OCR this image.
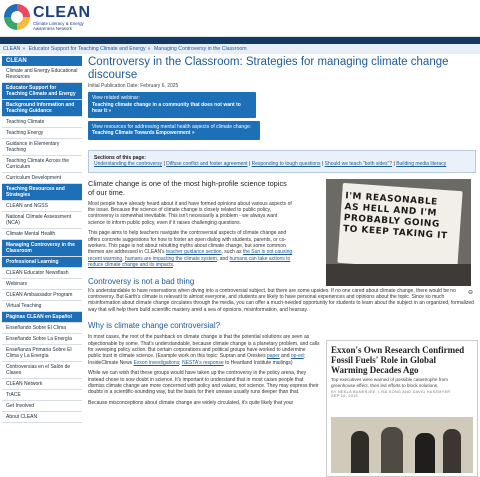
CLEAN
Climate Literacy & Energy Awareness Network
CLEAN » Educator Support for Teaching Climate and Energy » Managing Controversy in the Classroom
CLEAN
Climate and Energy Educational Resources
Educator Support for Teaching Climate and Energy
Background Information and Teaching Guidance
Teaching Climate
Teaching Energy
Guidance in Elementary Teaching
Teaching Climate Across the Curriculum
Curriculum Development
Teaching Resources and Strategies
CLEAN and NGSS
National Climate Assessment (NCA)
Climate Mental Health
Managing Controversy in the Classroom
Professional Learning
CLEAN Educator Newsflash
Webinars
CLEAN Ambassador Program
Virtual Teaching
Páginas CLEAN en Español
Enseñando Sobre El Clima
Enseñando Sobre La Energía
Enseñanza Primaria Sobre El Clima y La Energía
Controversias en el Salón de Clases
CLEAN Network
TrACE
Get Involved
About CLEAN
Controversy in the Classroom: Strategies for managing climate change discourse
Initial Publication Date: February 6, 2025
View related webinar:
Teaching climate change in a community that does not want to hear it »
View resources for addressing mental health aspects of climate change:
Teaching Climate Towards Empowerment »
Sections of this page:
Understanding the controversy | Diffuse conflict and foster agreement | Responding to tough questions | Should we teach "both sides"? | Building media literacy
Climate change is one of the most high-profile science topics of our time.
Most people have already heard about it and have formed opinions about various aspects of the issue. Because the science of climate change is closely related to public policy, controversy is somewhat inevitable. This isn't necessarily a problem - we always want science to inform public policy, even if it raises challenging questions.
This page aims to help teachers navigate the controversial aspects of climate change and offers concrete suggestions for how to foster an open dialog with students, parents, or co-workers. This page is not about rebutting myths about climate change, but some common themes are addressed in CLEAN's teacher guidance section, such as the Sun is not causing recent warming, humans are impacting the climate system, and humans can take actions to reduce climate change and its impacts.
I'M REASONABLE AS HELL AND I'M PROBABLY GOING TO KEEP TAKING IT
⊖
Controversy is not a bad thing
It's understandable to have reservations when diving into a controversial subject, but there are some upsides. If no one cared about climate change, there would be no controversy. But Earth's climate is relevant to almost everyone, and students are likely to have personal experiences and opinions about the topic. Since so much misinformation about climate change circulates through the media, you can offer a much-needed opportunity for students to learn about the subject in an organized, formalized way that will help them build scientific mastery amid a sea of opinions, misinformation, and hearsay.
Why is climate change controversial?
In most cases, the root of the pushback on climate change is that the potential solutions are seen as objectionable by some. That's understandable, because climate change is a planetary problem, and calls for sweeping policy action. But certain corporations and political groups have worked to undermine public trust in climate science. (Example work on this topic: Supran and Oreskes paper and op-ed; InsideClimate News Exxon investigations; NESTA's response to Heartland Institute mailings)
While we can wish that these groups would have taken up the controversy in the policy arena, they instead chose to sow doubt in science. It's important to understand that in most cases people that dismiss climate change are more concerned with policy and values, not science. They may express their doubts in a scientific-sounding way, but the basis for their unease usually runs deeper than that.
Because misconceptions about climate change are widely circulated, it's quite likely that your
Exxon's Own Research Confirmed Fossil Fuels' Role in Global Warming Decades Ago
Top executives were warned of possible catastrophe from greenhouse effect, then led efforts to block solutions.
BY NEELA BANERJEE, LISA SONG AND DAVID HASEMYER
SEP 16, 2015
